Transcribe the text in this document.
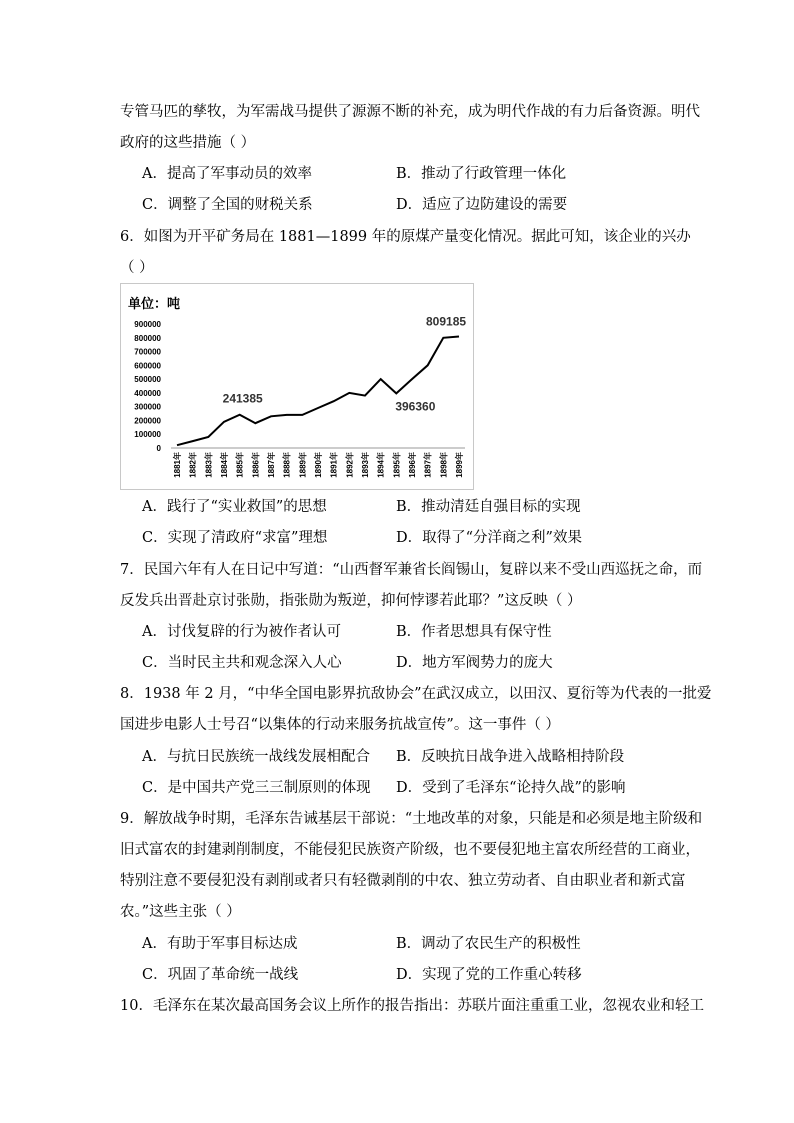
专管马匹的孳牧，为军需战马提供了源源不断的补充，成为明代作战的有力后备资源。明代
政府的这些措施（ ）
A．提高了军事动员的效率	B．推动了行政管理一体化
C．调整了全国的财税关系	D．适应了边防建设的需要
6．如图为开平矿务局在 1881—1899 年的原煤产量变化情况。据此可知，该企业的兴办
（ ）
单位：吨
0
100000
200000
300000
400000
500000
600000
700000
800000
900000
1881年 1882年 1883年 1884年 1885年 1886年 1887年 1888年 1889年 1890年 1891年 1892年 1893年 1894年 1895年 1896年 1897年 1898年 1899年
241385
396360
809185
A．践行了“实业救国”的思想	B．推动清廷自强目标的实现
C．实现了清政府“求富”理想	D．取得了“分洋商之利”效果
7．民国六年有人在日记中写道：“山西督军兼省长阎锡山，复辟以来不受山西巡抚之命，而
反发兵出晋赴京讨张勋，指张勋为叛逆，抑何悖谬若此耶？”这反映（ ）
A．讨伐复辟的行为被作者认可	B．作者思想具有保守性
C．当时民主共和观念深入人心	D．地方军阀势力的庞大
8．1938 年 2 月，“中华全国电影界抗敌协会”在武汉成立，以田汉、夏衍等为代表的一批爱
国进步电影人士号召“以集体的行动来服务抗战宣传”。这一事件（ ）
A．与抗日民族统一战线发展相配合 B．反映抗日战争进入战略相持阶段
C．是中国共产党三三制原则的体现 D．受到了毛泽东“论持久战”的影响
9．解放战争时期，毛泽东告诫基层干部说：“土地改革的对象，只能是和必须是地主阶级和
旧式富农的封建剥削制度，不能侵犯民族资产阶级，也不要侵犯地主富农所经营的工商业，
特别注意不要侵犯没有剥削或者只有轻微剥削的中农、独立劳动者、自由职业者和新式富
农。”这些主张（ ）
A．有助于军事目标达成	B．调动了农民生产的积极性
C．巩固了革命统一战线	D．实现了党的工作重心转移
10．毛泽东在某次最高国务会议上所作的报告指出：苏联片面注重重工业，忽视农业和轻工
